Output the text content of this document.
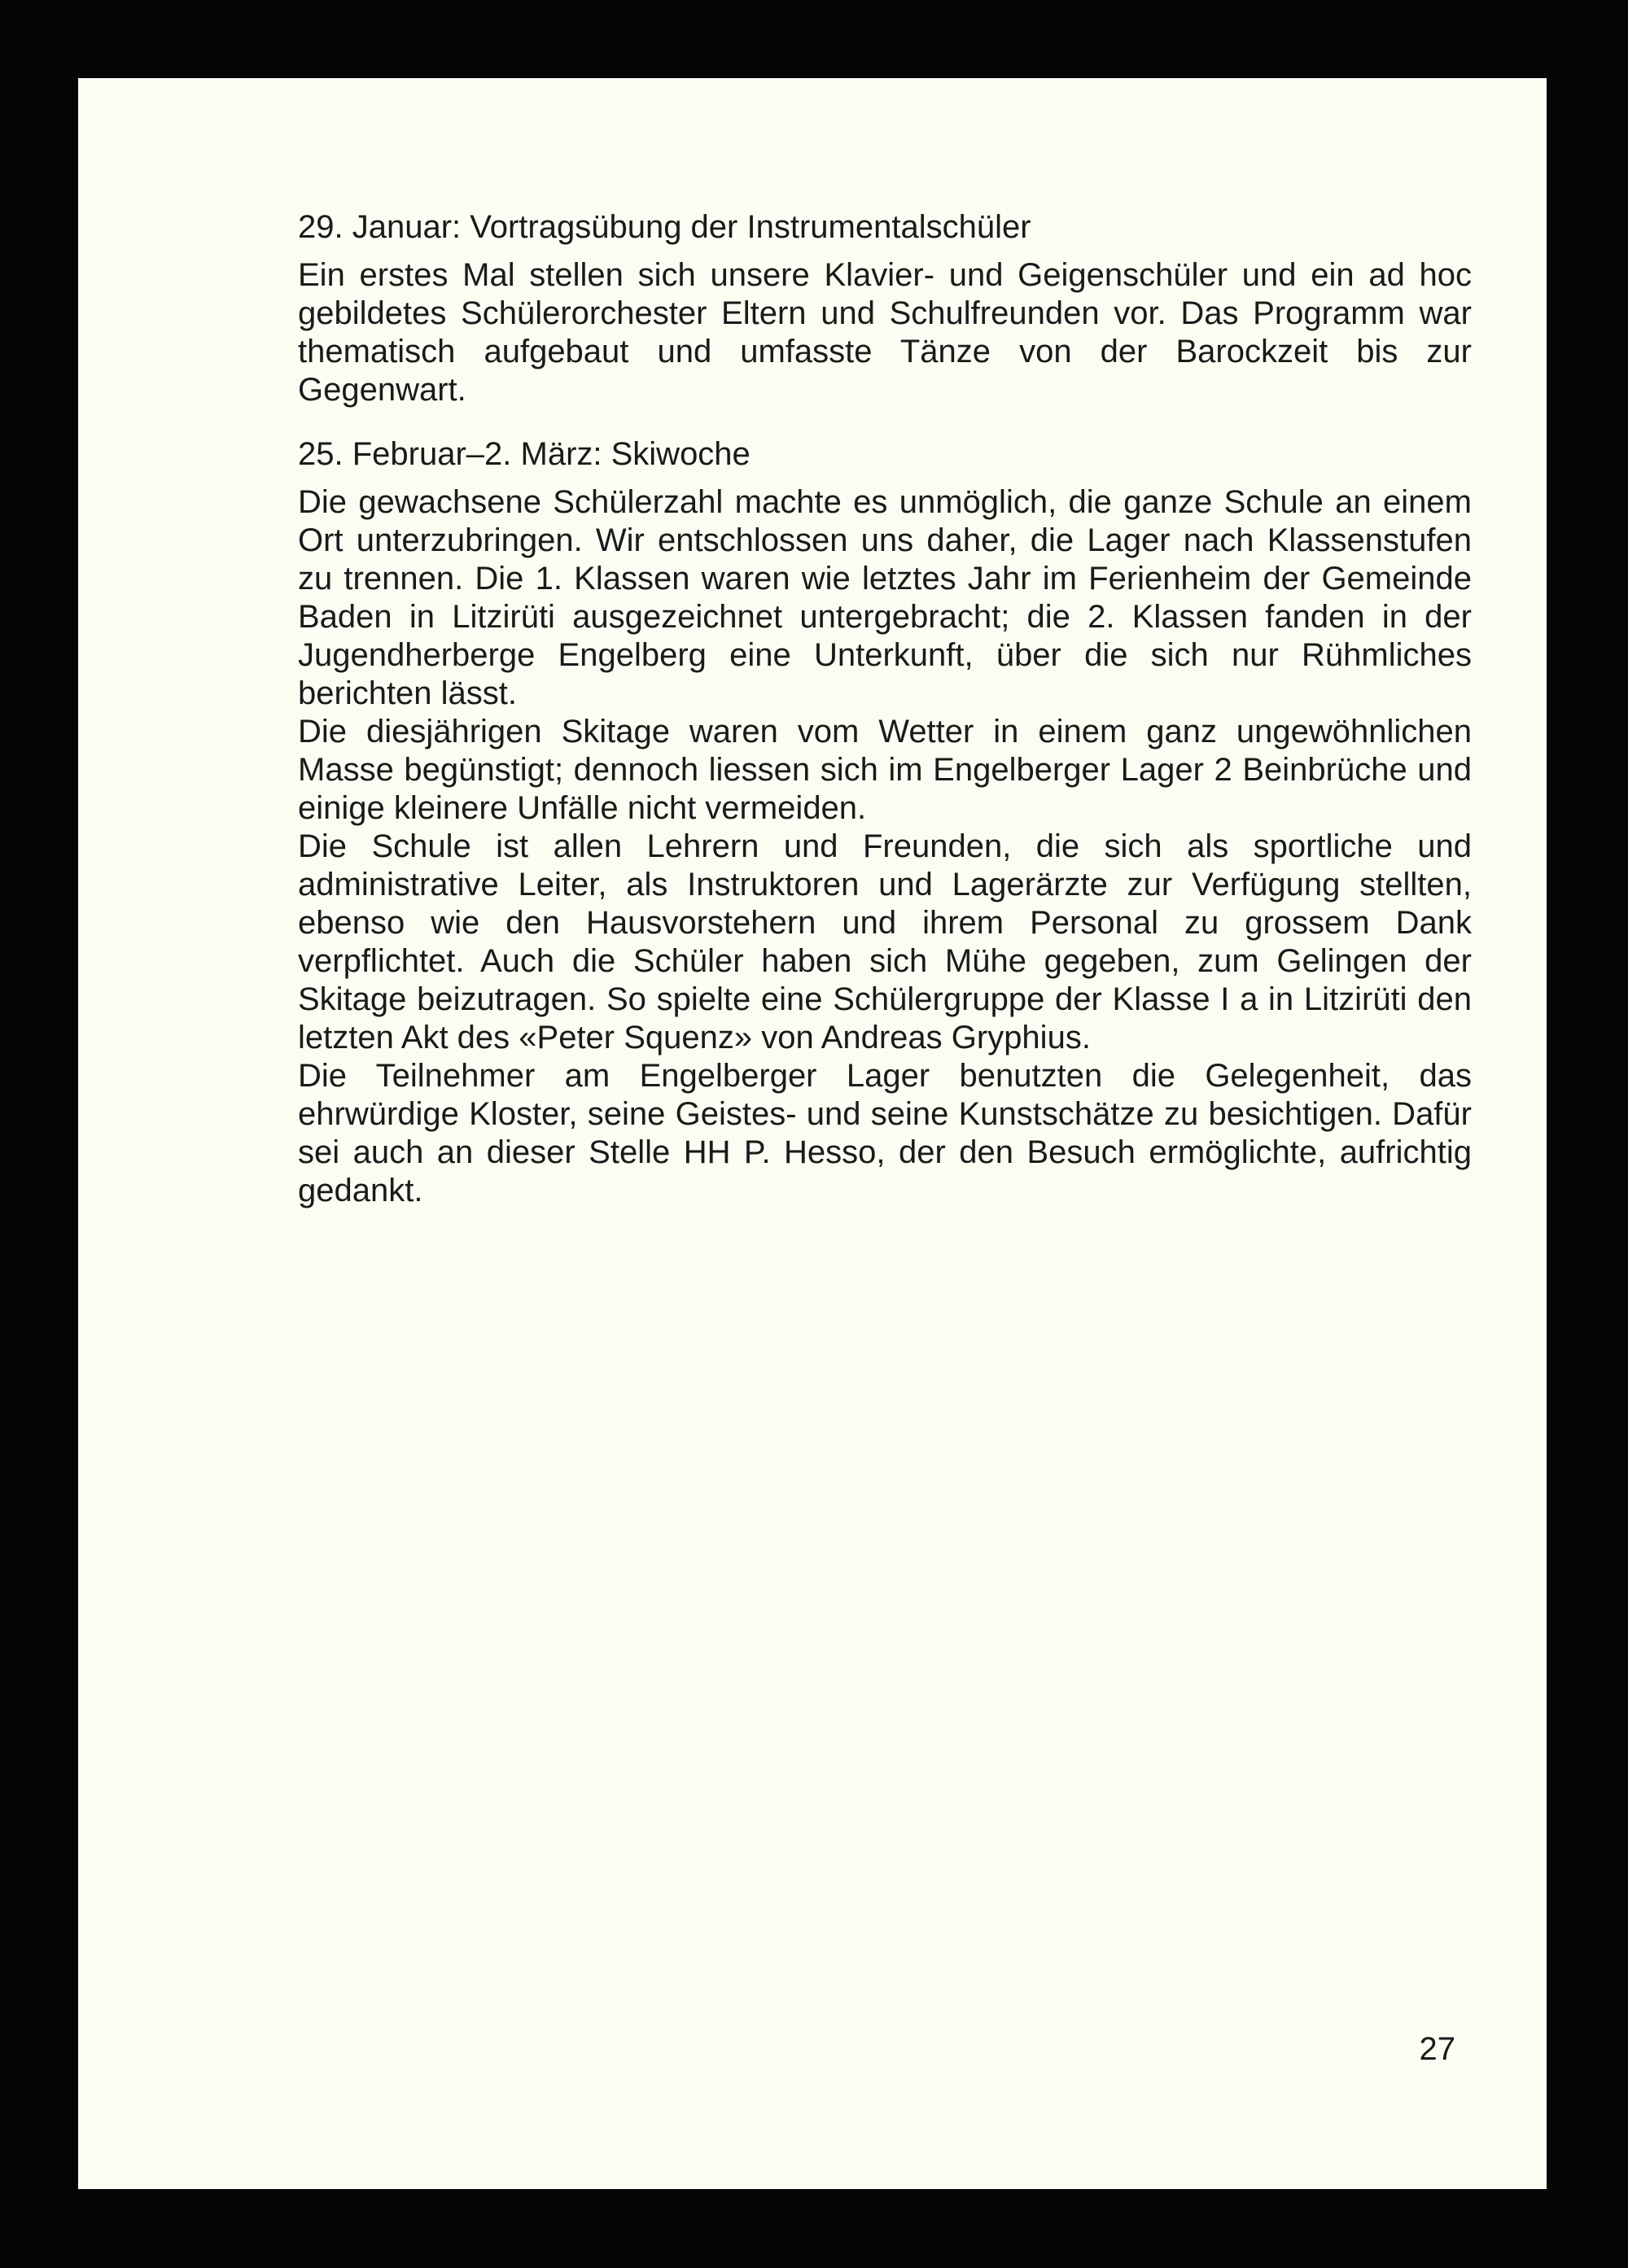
29. Januar: Vortragsübung der Instrumentalschüler

Ein erstes Mal stellen sich unsere Klavier- und Geigenschüler und ein ad hoc gebildetes Schülerorchester Eltern und Schulfreunden vor. Das Programm war thematisch aufgebaut und umfasste Tänze von der Barockzeit bis zur Gegenwart.

25. Februar–2. März: Skiwoche

Die gewachsene Schülerzahl machte es unmöglich, die ganze Schule an einem Ort unterzubringen. Wir entschlossen uns daher, die Lager nach Klassenstufen zu trennen. Die 1. Klassen waren wie letztes Jahr im Ferienheim der Gemeinde Baden in Litzirüti ausgezeichnet untergebracht; die 2. Klassen fanden in der Jugendherberge Engelberg eine Unterkunft, über die sich nur Rühmliches berichten lässt.

Die diesjährigen Skitage waren vom Wetter in einem ganz ungewöhnlichen Masse begünstigt; dennoch liessen sich im Engelberger Lager 2 Beinbrüche und einige kleinere Unfälle nicht vermeiden.

Die Schule ist allen Lehrern und Freunden, die sich als sportliche und administrative Leiter, als Instruktoren und Lagerärzte zur Verfügung stellten, ebenso wie den Hausvorstehern und ihrem Personal zu grossem Dank verpflichtet. Auch die Schüler haben sich Mühe gegeben, zum Gelingen der Skitage beizutragen. So spielte eine Schülergruppe der Klasse I a in Litzirüti den letzten Akt des «Peter Squenz» von Andreas Gryphius.

Die Teilnehmer am Engelberger Lager benutzten die Gelegenheit, das ehrwürdige Kloster, seine Geistes- und seine Kunstschätze zu besichtigen. Dafür sei auch an dieser Stelle HH P. Hesso, der den Besuch ermöglichte, aufrichtig gedankt.

27
